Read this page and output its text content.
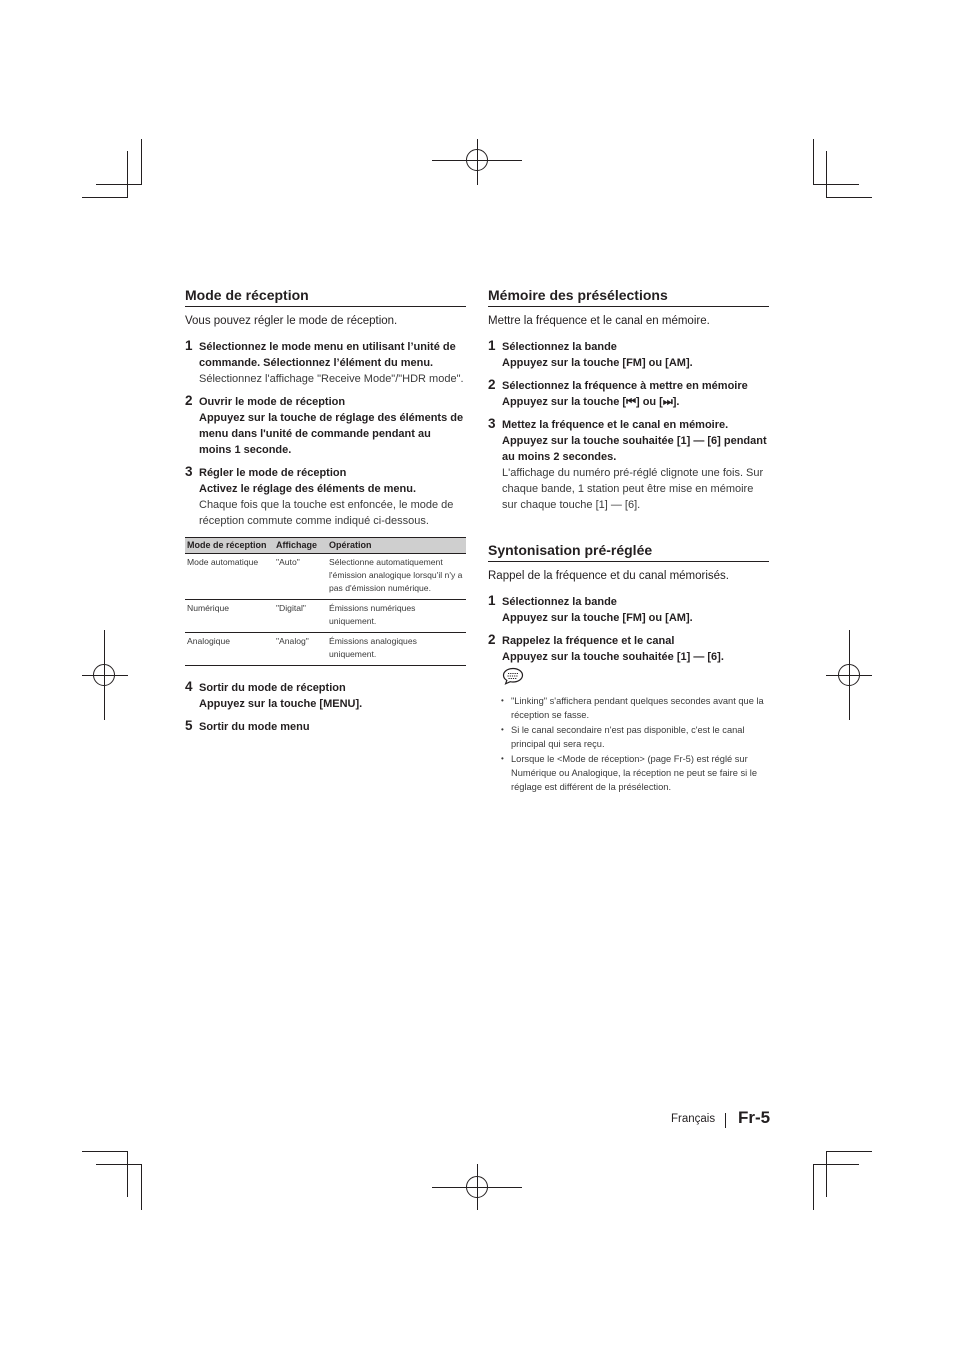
Mode de réception
Vous pouvez régler le mode de réception.
1 Sélectionnez le mode menu en utilisant l’unité de commande. Sélectionnez l’élément du menu.
Sélectionnez l'affichage "Receive Mode"/"HDR mode".
2 Ouvrir le mode de réception
Appuyez sur la touche de réglage des éléments de menu dans l'unité de commande pendant au moins 1 seconde.
3 Régler le mode de réception
Activez le réglage des éléments de menu.
Chaque fois que la touche est enfoncée, le mode de réception commute comme indiqué ci-dessous.
Mode de réception	Affichage	Opération
Mode automatique	"Auto"	Sélectionne automatiquement l'émission analogique lorsqu'il n'y a pas d'émission numérique.
Numérique	"Digital"	Émissions numériques uniquement.
Analogique	"Analog"	Émissions analogiques uniquement.
4 Sortir du mode de réception
Appuyez sur la touche [MENU].
5 Sortir du mode menu
Mémoire des présélections
Mettre la fréquence et le canal en mémoire.
1 Sélectionnez la bande
Appuyez sur la touche [FM] ou [AM].
2 Sélectionnez la fréquence à mettre en mémoire
Appuyez sur la touche [⏮] ou [⏭].
3 Mettez la fréquence et le canal en mémoire.
Appuyez sur la touche souhaitée [1] — [6] pendant au moins 2 secondes.
L'affichage du numéro pré-réglé clignote une fois. Sur chaque bande, 1 station peut être mise en mémoire sur chaque touche [1] — [6].
Syntonisation pré-réglée
Rappel de la fréquence et du canal mémorisés.
1 Sélectionnez la bande
Appuyez sur la touche [FM] ou [AM].
2 Rappelez la fréquence et le canal
Appuyez sur la touche souhaitée [1] — [6].
• "Linking" s'affichera pendant quelques secondes avant que la réception se fasse.
• Si le canal secondaire n'est pas disponible, c'est le canal principal qui sera reçu.
• Lorsque le <Mode de réception> (page Fr-5) est réglé sur Numérique ou Analogique, la réception ne peut se faire si le réglage est différent de la présélection.
Français Fr-5
